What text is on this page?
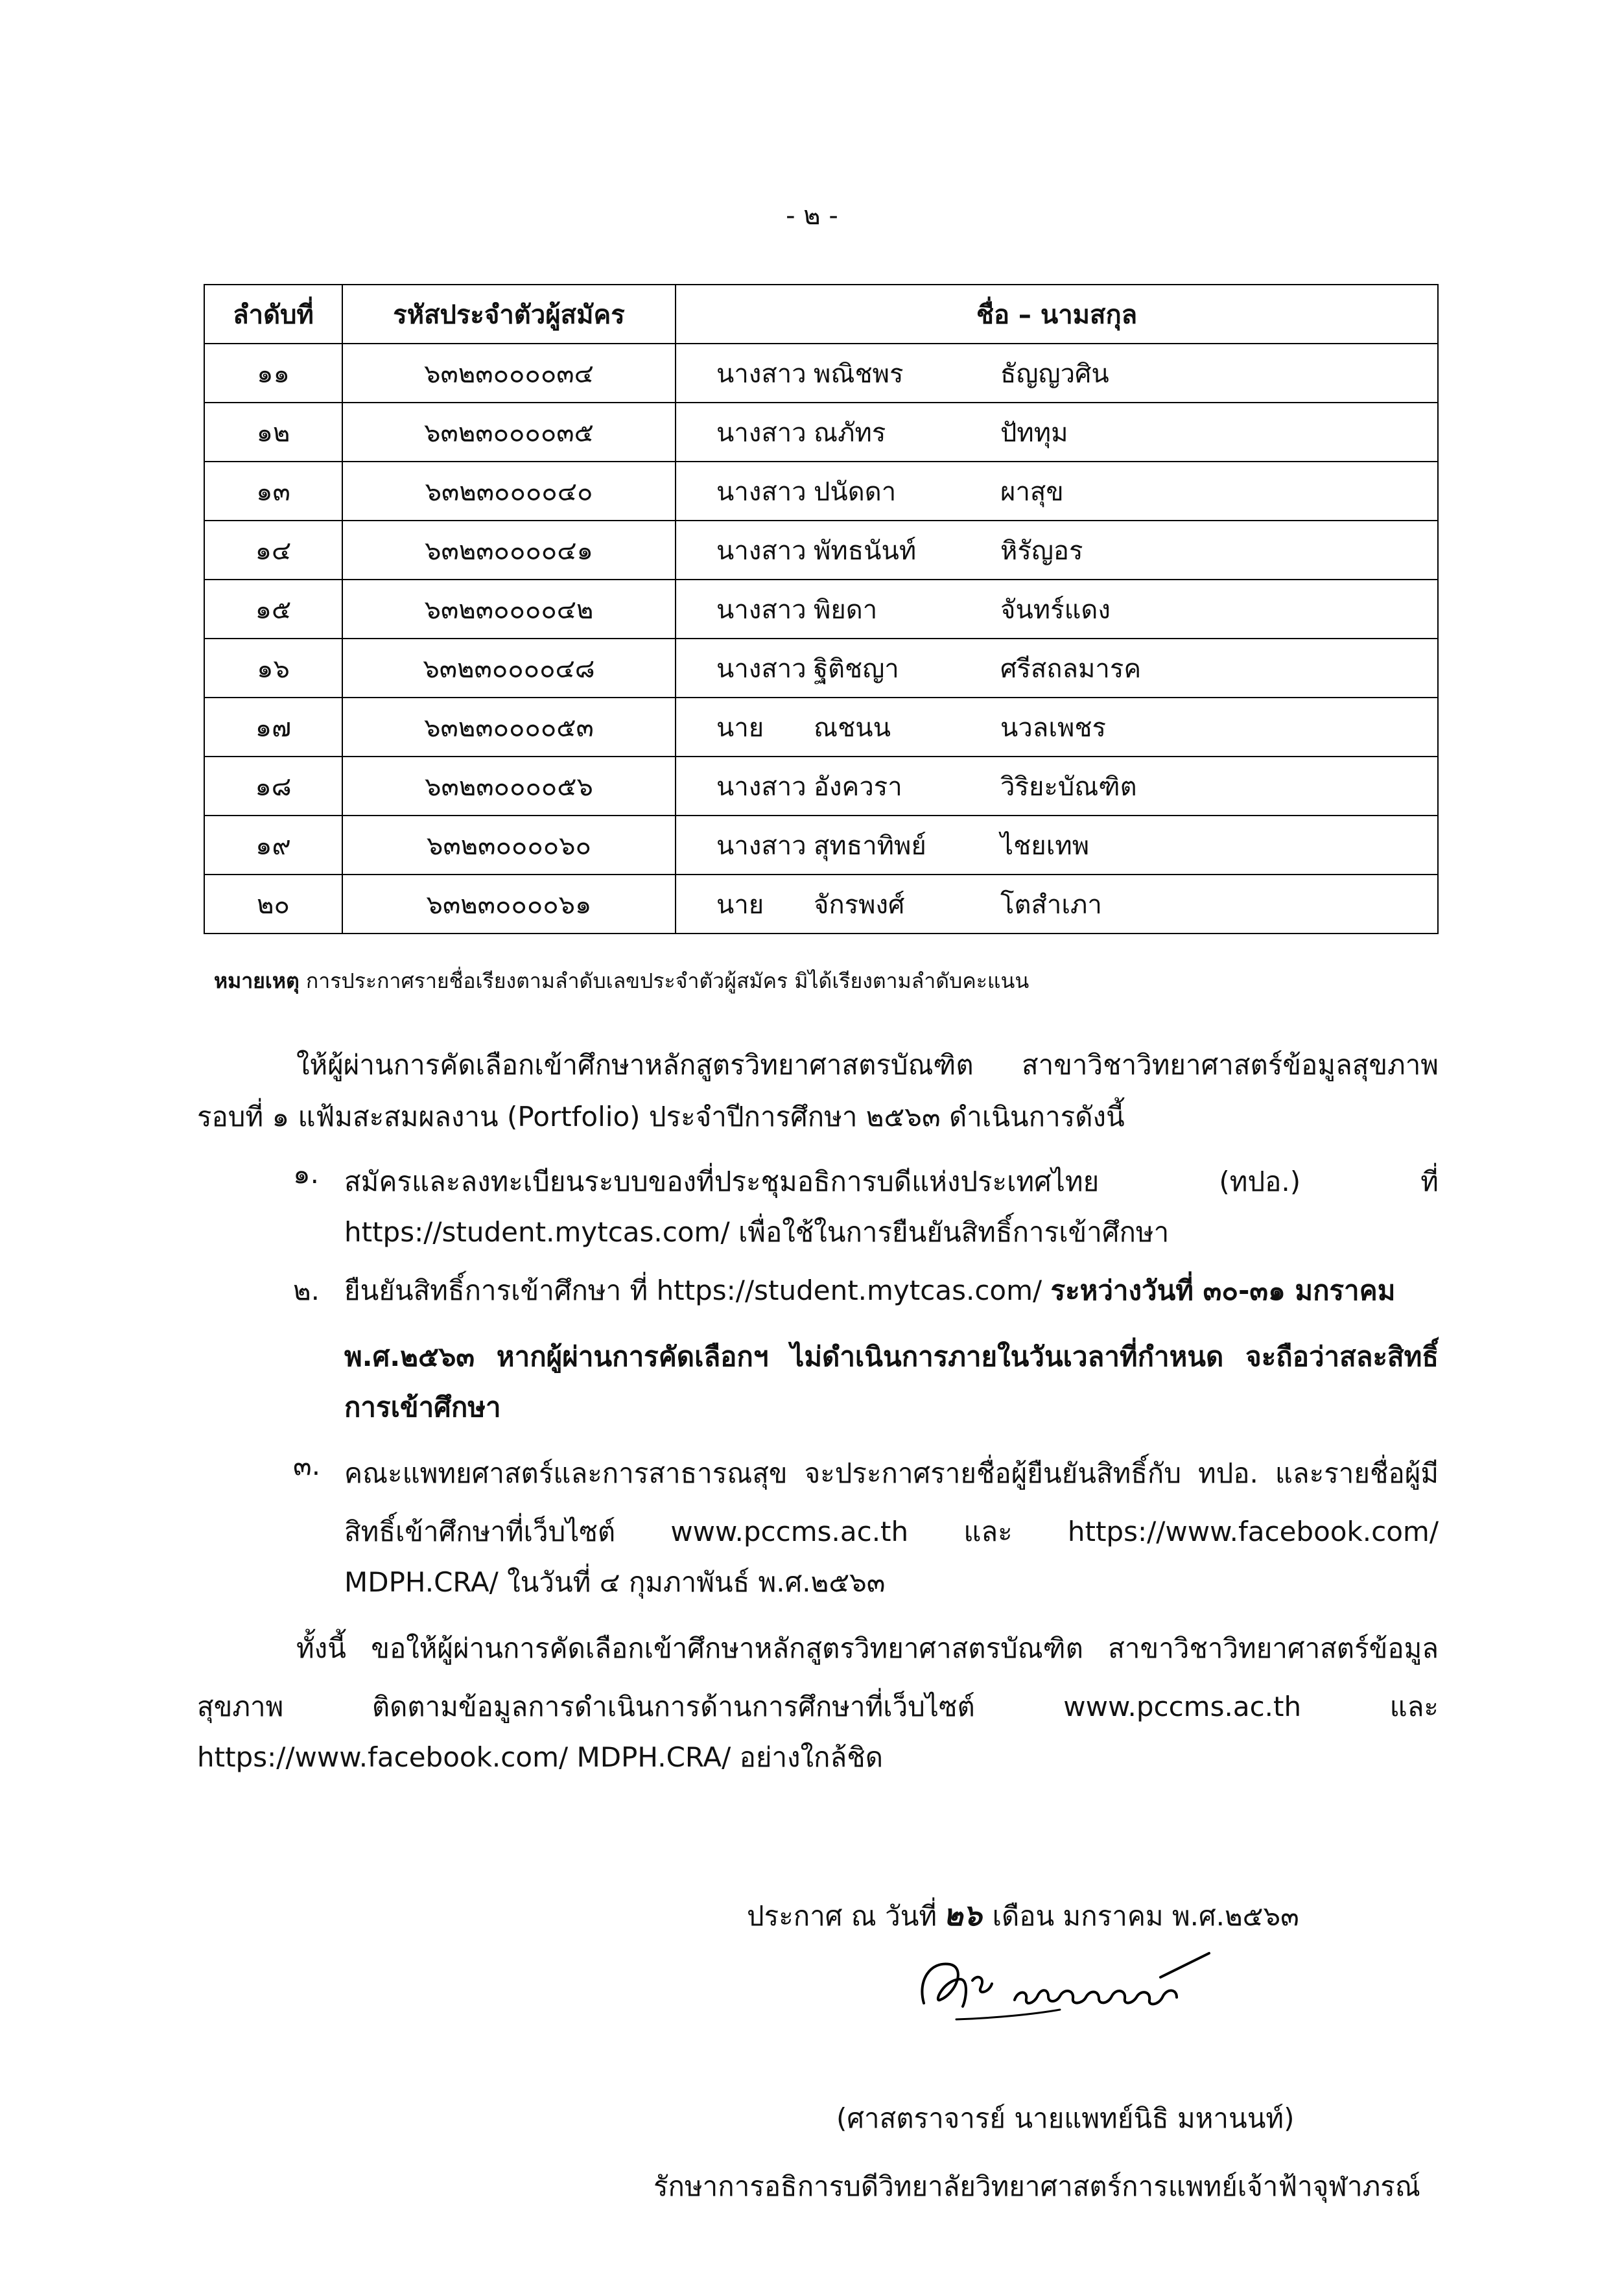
- ๒ -
ลำดับที่	รหัสประจำตัวผู้สมัคร	ชื่อ – นามสกุล
๑๑	๖๓๒๓๐๐๐๐๓๔	นางสาว พณิชพร ธัญญวศิน

๑๒	๖๓๒๓๐๐๐๐๓๕	นางสาว ณภัทร ปัททุม

๑๓	๖๓๒๓๐๐๐๐๔๐	นางสาว ปนัดดา ผาสุข

๑๔	๖๓๒๓๐๐๐๐๔๑	นางสาว พัทธนันท์ หิรัญอร

๑๕	๖๓๒๓๐๐๐๐๔๒	นางสาว พิยดา จันทร์แดง

๑๖	๖๓๒๓๐๐๐๐๔๘	นางสาว ฐิติชญา ศรีสถลมารค

๑๗	๖๓๒๓๐๐๐๐๕๓	นาย ณชนน นวลเพชร

๑๘	๖๓๒๓๐๐๐๐๕๖	นางสาว อังควรา วิริยะบัณฑิต

๑๙	๖๓๒๓๐๐๐๐๖๐	นางสาว สุทธาทิพย์ ไชยเทพ

๒๐	๖๓๒๓๐๐๐๐๖๑	นาย จักรพงศ์ โตสำเภา
หมายเหตุ การประกาศรายชื่อเรียงตามลำดับเลขประจำตัวผู้สมัคร มิได้เรียงตามลำดับคะแนน
ให้ผู้ผ่านการคัดเลือกเข้าศึกษาหลักสูตรวิทยาศาสตรบัณฑิต สาขาวิชาวิทยาศาสตร์ข้อมูลสุขภาพ
รอบที่ ๑ แฟ้มสะสมผลงาน (Portfolio) ประจำปีการศึกษา ๒๕๖๓ ดำเนินการดังนี้
๑. สมัครและลงทะเบียนระบบของที่ประชุมอธิการบดีแห่งประเทศไทย (ทปอ.) ที่
https://student.mytcas.com/ เพื่อใช้ในการยืนยันสิทธิ์การเข้าศึกษา
๒. ยืนยันสิทธิ์การเข้าศึกษา ที่ https://student.mytcas.com/ ระหว่างวันที่ ๓๐-๓๑ มกราคม
พ.ศ.๒๕๖๓ หากผู้ผ่านการคัดเลือกฯ ไม่ดำเนินการภายในวันเวลาที่กำหนด จะถือว่าสละสิทธิ์
การเข้าศึกษา
๓. คณะแพทยศาสตร์และการสาธารณสุข จะประกาศรายชื่อผู้ยืนยันสิทธิ์กับ ทปอ. และรายชื่อผู้มี
สิทธิ์เข้าศึกษาที่เว็บไซต์ www.pccms.ac.th และ https://www.facebook.com/
MDPH.CRA/ ในวันที่ ๔ กุมภาพันธ์ พ.ศ.๒๕๖๓
ทั้งนี้ ขอให้ผู้ผ่านการคัดเลือกเข้าศึกษาหลักสูตรวิทยาศาสตรบัณฑิต สาขาวิชาวิทยาศาสตร์ข้อมูล
สุขภาพ ติดตามข้อมูลการดำเนินการด้านการศึกษาที่เว็บไซต์ www.pccms.ac.th และ
https://www.facebook.com/ MDPH.CRA/ อย่างใกล้ชิด
ประกาศ ณ วันที่ ๒๖ เดือน มกราคม พ.ศ.๒๕๖๓
(ศาสตราจารย์ นายแพทย์นิธิ มหานนท์)
รักษาการอธิการบดีวิทยาลัยวิทยาศาสตร์การแพทย์เจ้าฟ้าจุฬาภรณ์
